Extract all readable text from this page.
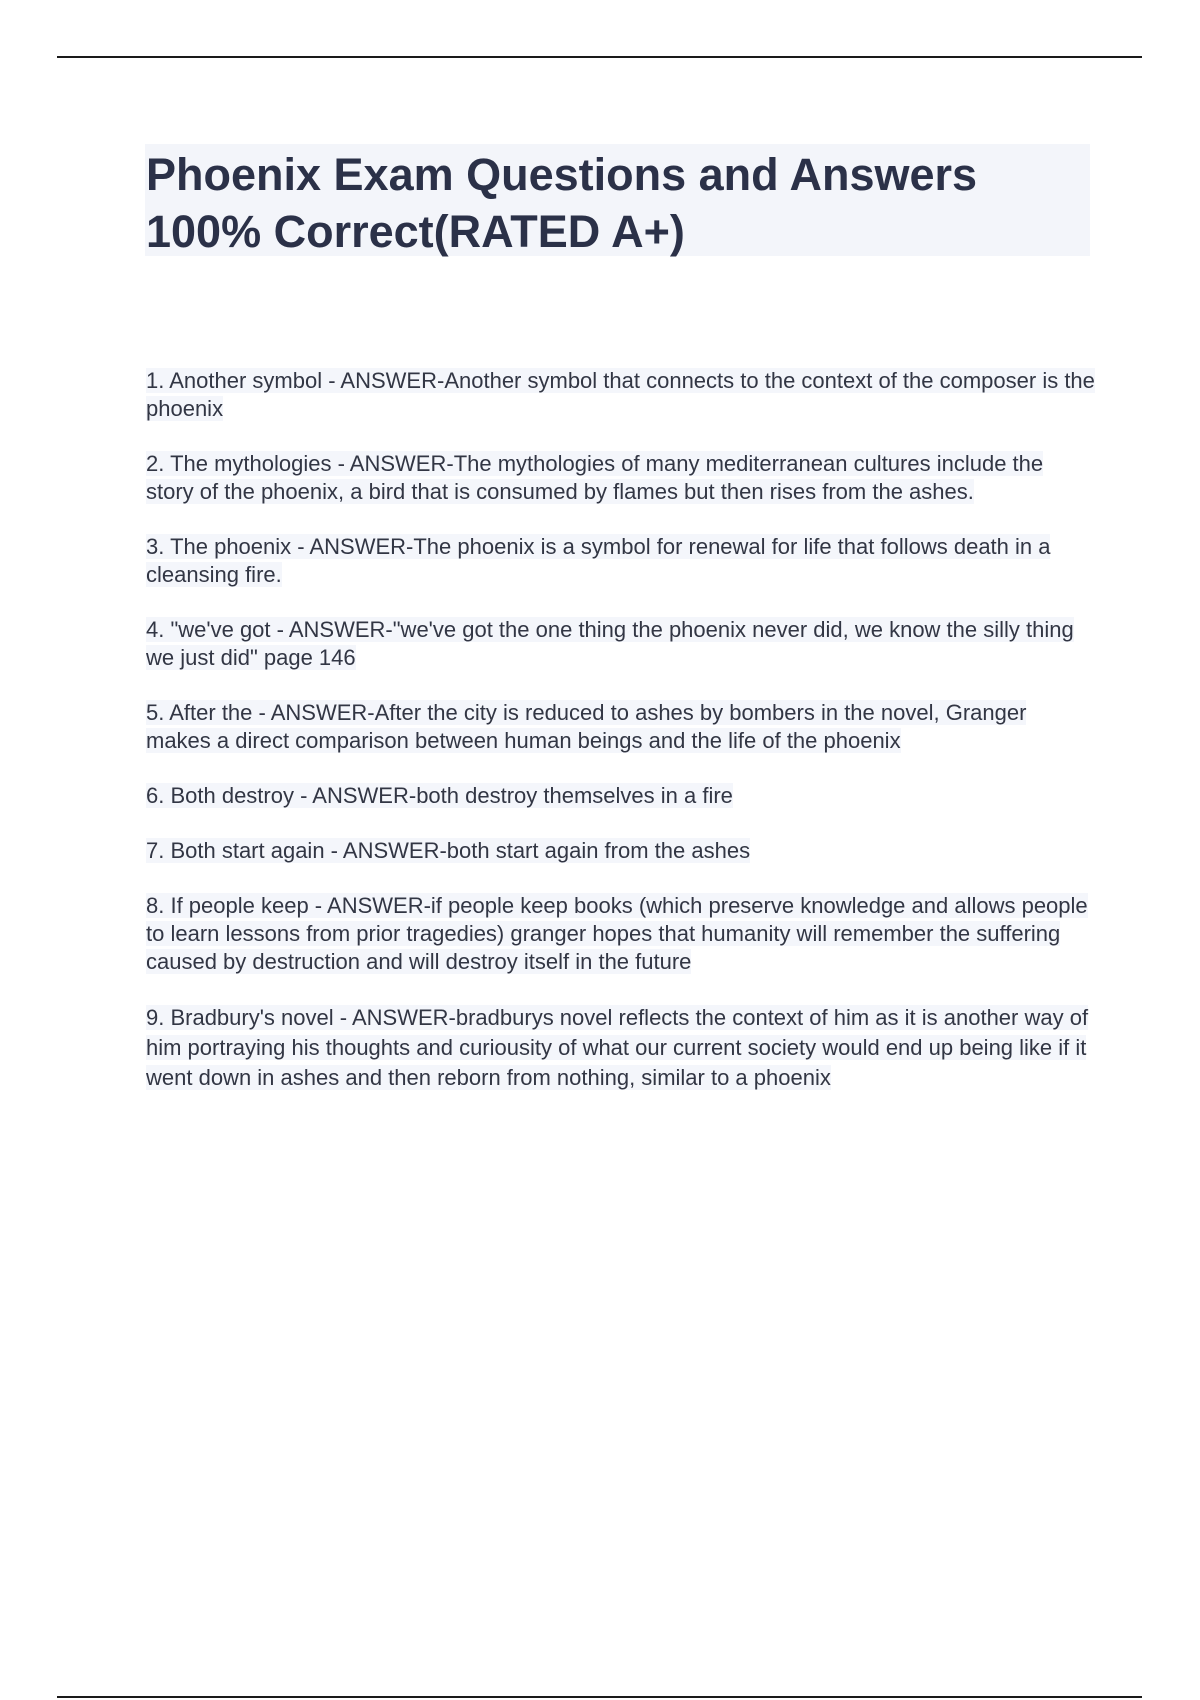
Phoenix Exam Questions and Answers 100% Correct(RATED A+)
1. Another symbol - ANSWER-Another symbol that connects to the context of the composer is the phoenix
2. The mythologies - ANSWER-The mythologies of many mediterranean cultures include the story of the phoenix, a bird that is consumed by flames but then rises from the ashes.
3. The phoenix - ANSWER-The phoenix is a symbol for renewal for life that follows death in a cleansing fire.
4. "we've got - ANSWER-"we've got the one thing the phoenix never did, we know the silly thing we just did" page 146
5. After the - ANSWER-After the city is reduced to ashes by bombers in the novel, Granger makes a direct comparison between human beings and the life of the phoenix
6. Both destroy - ANSWER-both destroy themselves in a fire
7. Both start again - ANSWER-both start again from the ashes
8. If people keep - ANSWER-if people keep books (which preserve knowledge and allows people to learn lessons from prior tragedies) granger hopes that humanity will remember the suffering caused by destruction and will destroy itself in the future
9. Bradbury's novel - ANSWER-bradburys novel reflects the context of him as it is another way of him portraying his thoughts and curiousity of what our current society would end up being like if it went down in ashes and then reborn from nothing, similar to a phoenix
